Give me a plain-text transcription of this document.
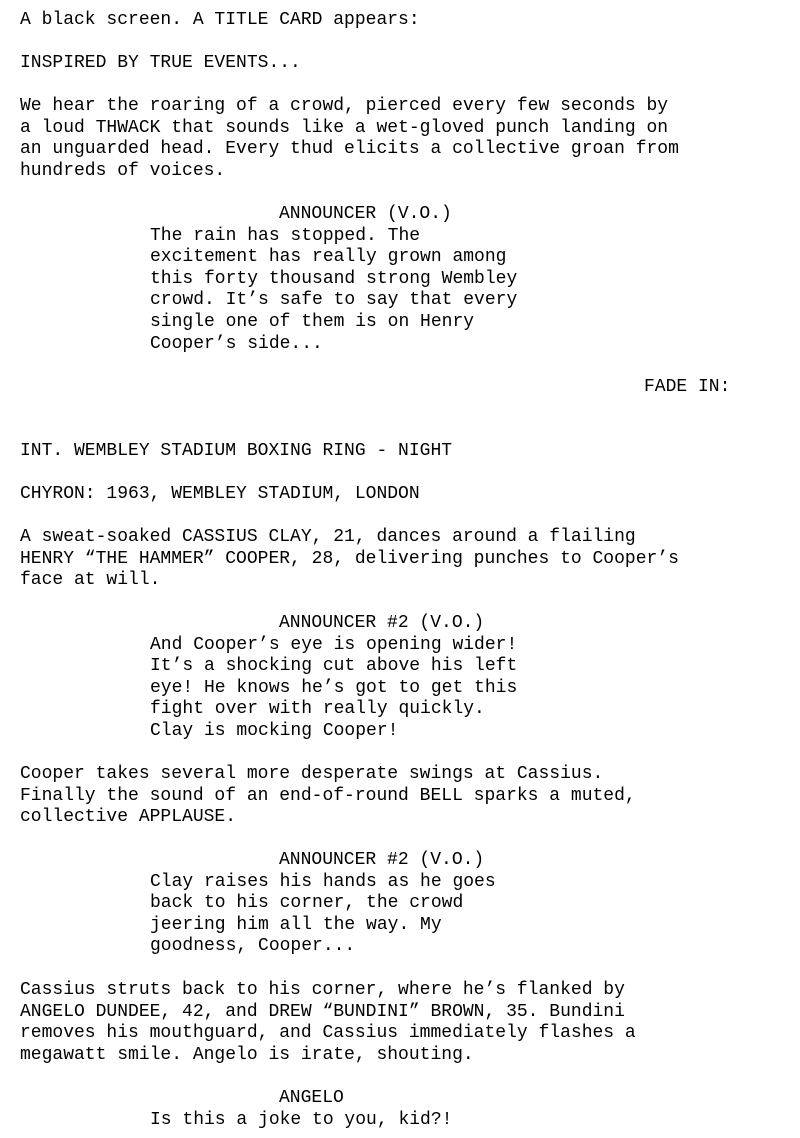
A black screen. A TITLE CARD appears:

INSPIRED BY TRUE EVENTS...

We hear the roaring of a crowd, pierced every few seconds by

a loud THWACK that sounds like a wet-gloved punch landing on

an unguarded head. Every thud elicits a collective groan from

hundreds of voices.

ANNOUNCER (V.O.)

The rain has stopped. The

excitement has really grown among

this forty thousand strong Wembley

crowd. It’s safe to say that every

single one of them is on Henry

Cooper’s side...

FADE IN:

INT. WEMBLEY STADIUM BOXING RING - NIGHT

CHYRON: 1963, WEMBLEY STADIUM, LONDON

A sweat-soaked CASSIUS CLAY, 21, dances around a flailing

HENRY “THE HAMMER” COOPER, 28, delivering punches to Cooper’s

face at will.

ANNOUNCER #2 (V.O.)

And Cooper’s eye is opening wider!

It’s a shocking cut above his left

eye! He knows he’s got to get this

fight over with really quickly.

Clay is mocking Cooper!

Cooper takes several more desperate swings at Cassius.

Finally the sound of an end-of-round BELL sparks a muted,

collective APPLAUSE.

ANNOUNCER #2 (V.O.)

Clay raises his hands as he goes

back to his corner, the crowd

jeering him all the way. My

goodness, Cooper...

Cassius struts back to his corner, where he’s flanked by

ANGELO DUNDEE, 42, and DREW “BUNDINI” BROWN, 35. Bundini

removes his mouthguard, and Cassius immediately flashes a

megawatt smile. Angelo is irate, shouting.

ANGELO

Is this a joke to you, kid?!
